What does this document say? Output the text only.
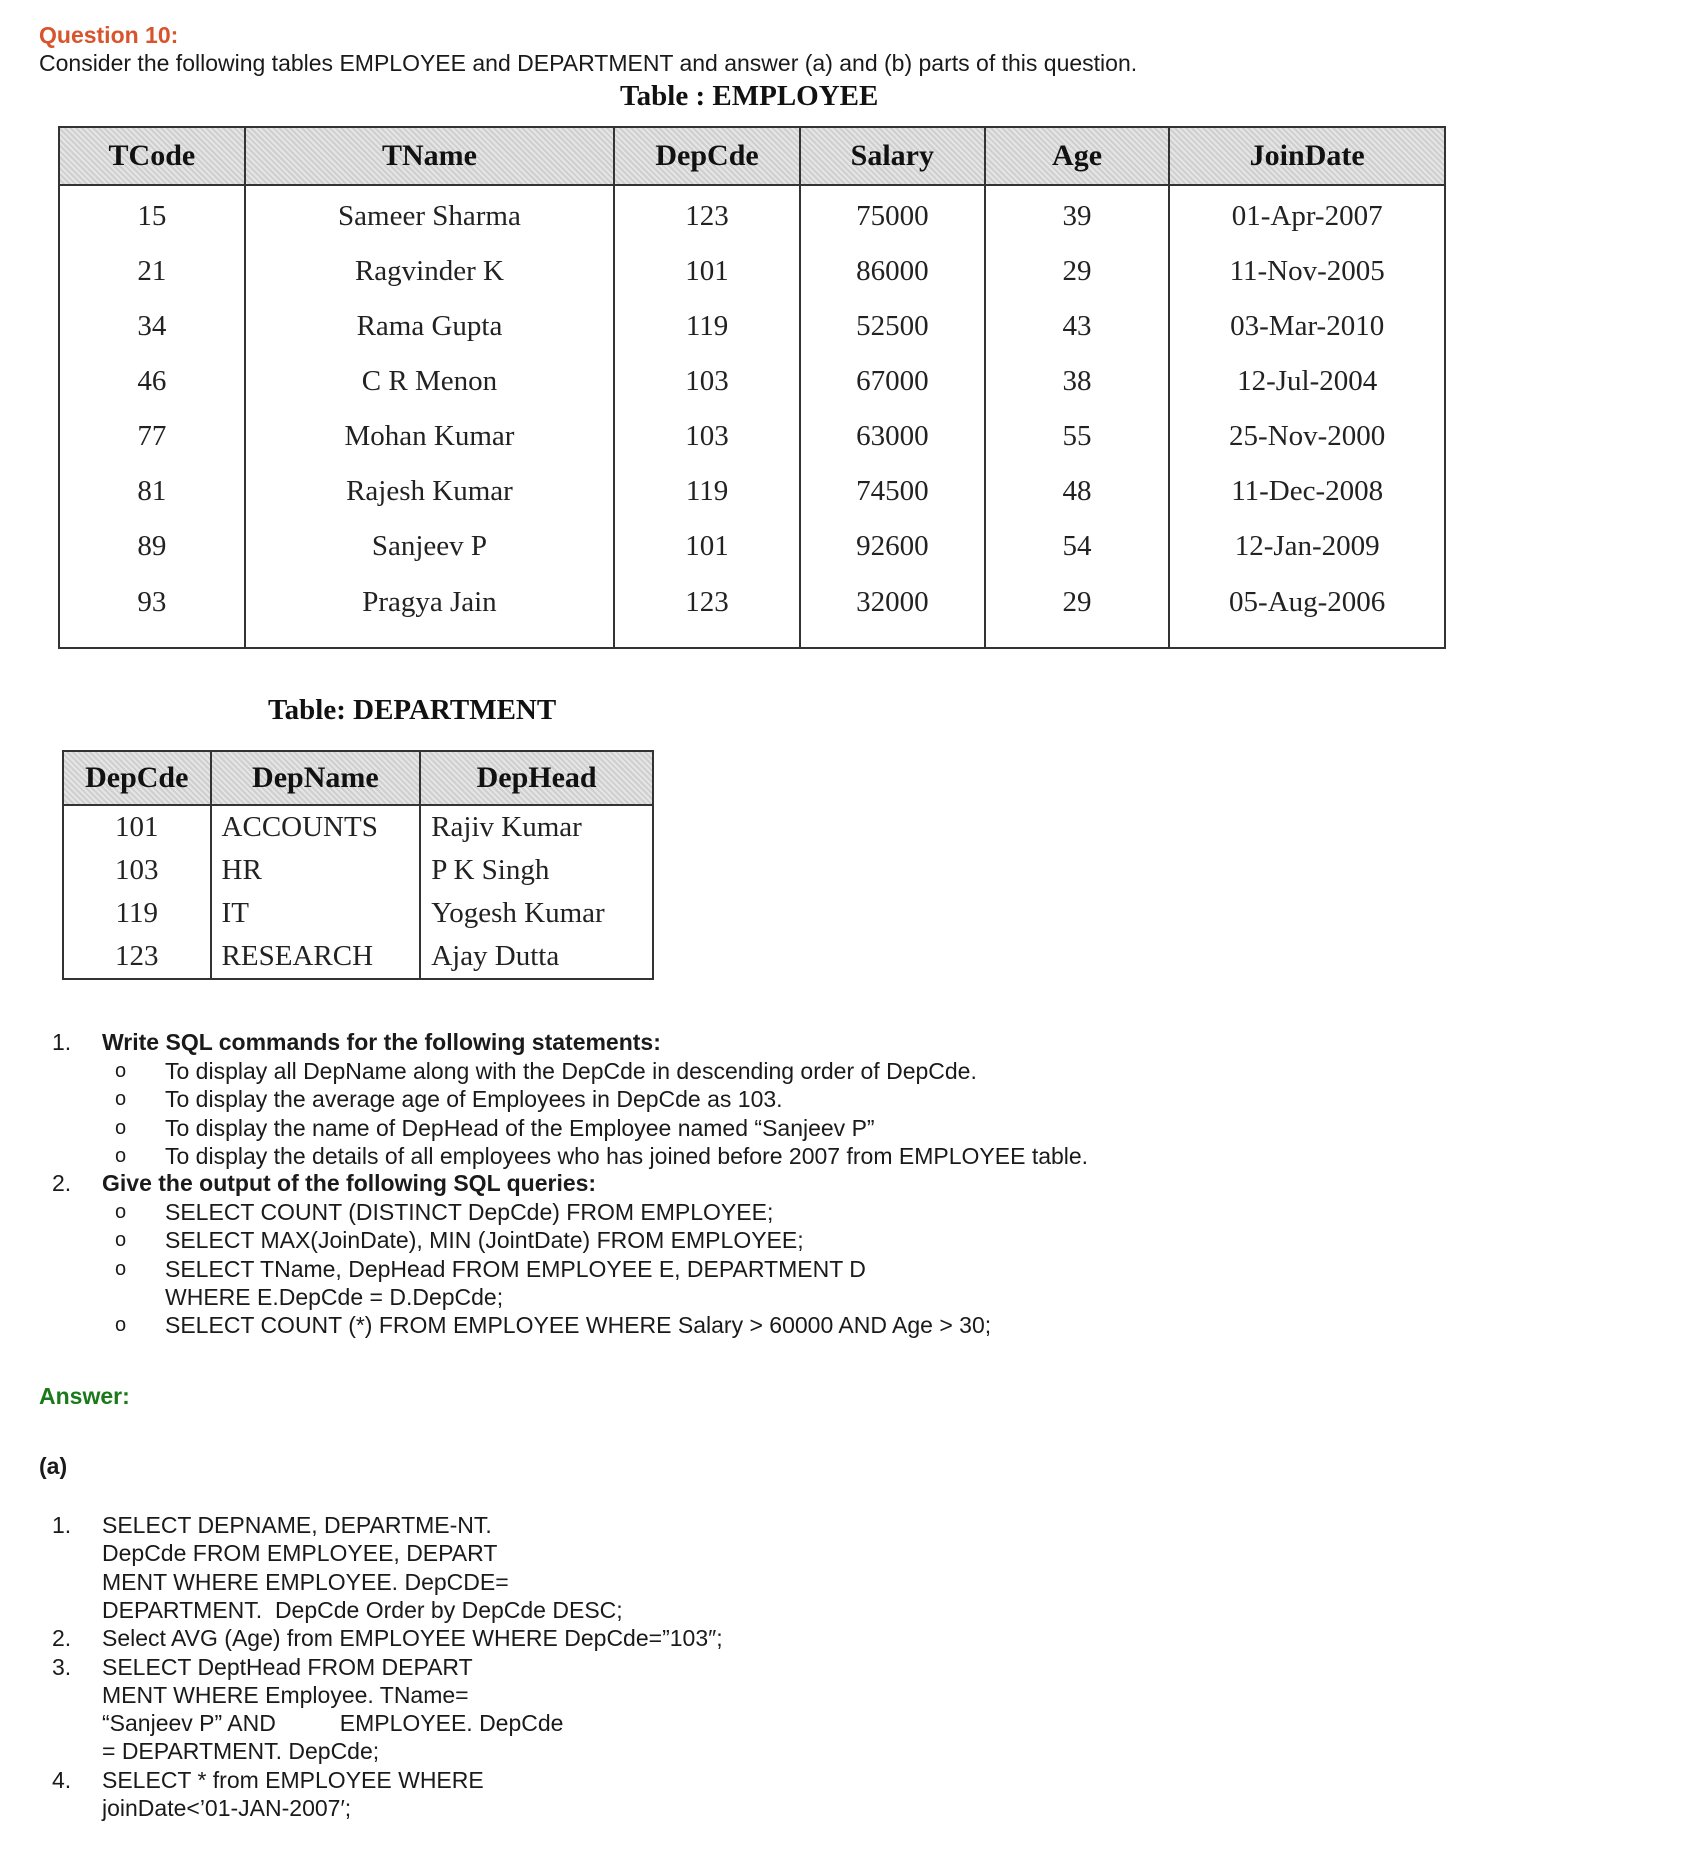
Question 10:
Consider the following tables EMPLOYEE and DEPARTMENT and answer (a) and (b) parts of this question.
Table : EMPLOYEE
TCode	TName	DepCde	Salary	Age	JoinDate
15	Sameer Sharma	123	75000	39	01-Apr-2007
21	Ragvinder K	101	86000	29	11-Nov-2005
34	Rama Gupta	119	52500	43	03-Mar-2010
46	C R Menon	103	67000	38	12-Jul-2004
77	Mohan Kumar	103	63000	55	25-Nov-2000
81	Rajesh Kumar	119	74500	48	11-Dec-2008
89	Sanjeev P	101	92600	54	12-Jan-2009
93	Pragya Jain	123	32000	29	05-Aug-2006
Table: DEPARTMENT
DepCde	DepName	DepHead
101	ACCOUNTS	Rajiv Kumar
103	HR	P K Singh
119	IT	Yogesh Kumar
123	RESEARCH	Ajay Dutta
1.	Write SQL commands for the following statements:
o To display all DepName along with the DepCde in descending order of DepCde.
o To display the average age of Employees in DepCde as 103.
o To display the name of DepHead of the Employee named “Sanjeev P”
o To display the details of all employees who has joined before 2007 from EMPLOYEE table.
2.	Give the output of the following SQL queries:
o SELECT COUNT (DISTINCT DepCde) FROM EMPLOYEE;
o SELECT MAX(JoinDate), MIN (JointDate) FROM EMPLOYEE;
o SELECT TName, DepHead FROM EMPLOYEE E, DEPARTMENT D
WHERE E.DepCde = D.DepCde;
o SELECT COUNT (*) FROM EMPLOYEE WHERE Salary > 60000 AND Age > 30;
Answer:
(a)
1. SELECT DEPNAME, DEPARTME-NT.
DepCde FROM EMPLOYEE, DEPART
MENT WHERE EMPLOYEE. DepCDE=
DEPARTMENT.  DepCde Order by DepCde DESC;
2. Select AVG (Age) from EMPLOYEE WHERE DepCde=”103″;
3. SELECT DeptHead FROM DEPART
MENT WHERE Employee. TName=
“Sanjeev P” AND          EMPLOYEE. DepCde
= DEPARTMENT. DepCde;
4. SELECT * from EMPLOYEE WHERE
joinDate<’01-JAN-2007′;
